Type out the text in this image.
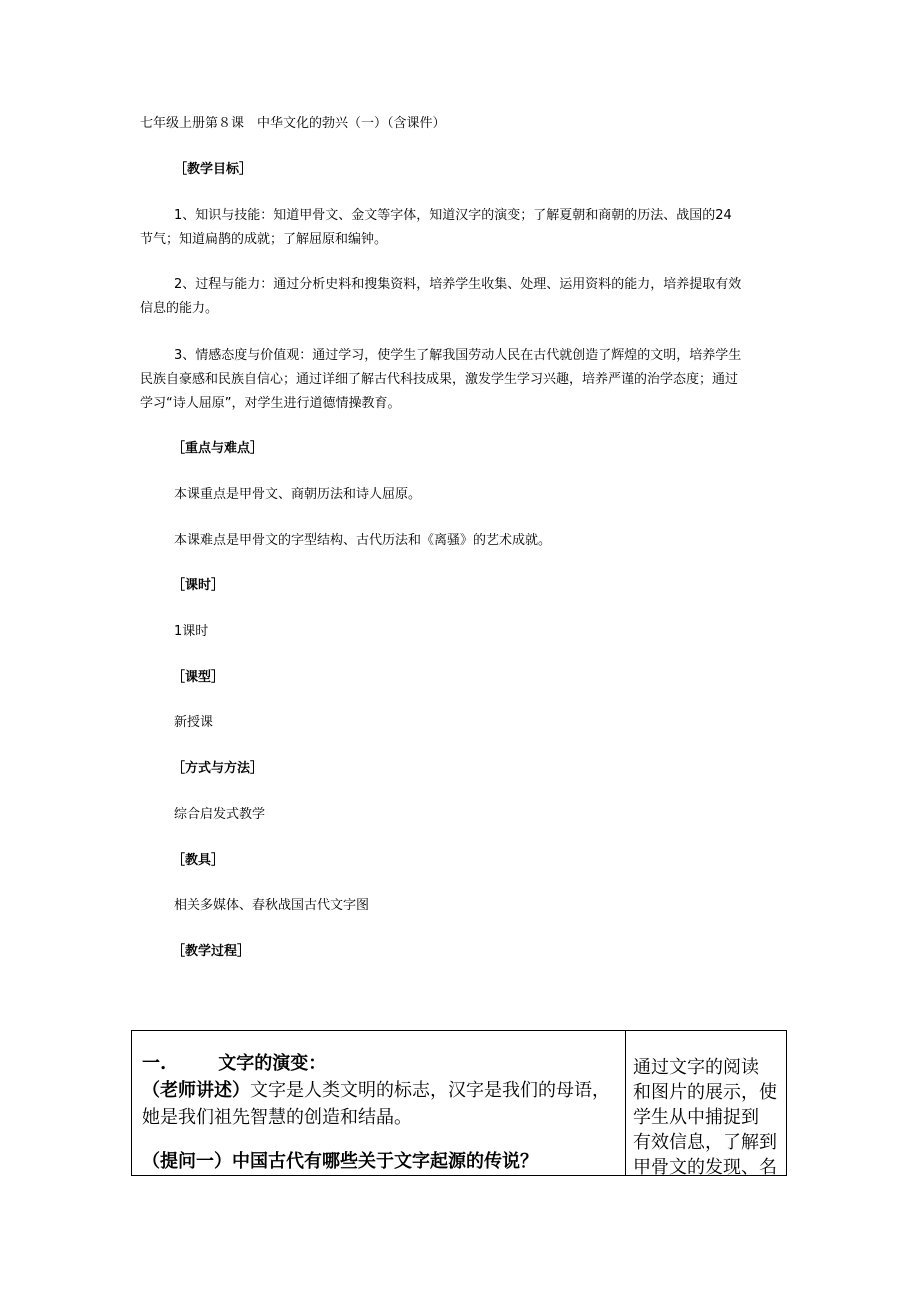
七年级上册第８课　中华文化的勃兴（一）（含课件）

［教学目标］

1、知识与技能：知道甲骨文、金文等字体，知道汉字的演变；了解夏朝和商朝的历法、战国的24
节气；知道扁鹊的成就；了解屈原和编钟。
2、过程与能力：通过分析史料和搜集资料，培养学生收集、处理、运用资料的能力，培养提取有效
信息的能力。
3、情感态度与价值观：通过学习，使学生了解我国劳动人民在古代就创造了辉煌的文明，培养学生
民族自豪感和民族自信心；通过详细了解古代科技成果，激发学生学习兴趣，培养严谨的治学态度；通过
学习“诗人屈原”，对学生进行道德情操教育。

［重点与难点］

本课重点是甲骨文、商朝历法和诗人屈原。

本课难点是甲骨文的字型结构、古代历法和《离骚》的艺术成就。

［课时］

1课时

［课型］

新授课

［方式与方法］

综合启发式教学

［教具］

相关多媒体、春秋战国古代文字图

［教学过程］

一.	文字的演变：
（老师讲述）文字是人类文明的标志，汉字是我们的母语，
她是我们祖先智慧的创造和结晶。
（提问一）中国古代有哪些关于文字起源的传说？
通过文字的阅读
和图片的展示，使
学生从中捕捉到
有效信息，了解到
甲骨文的发现、名
